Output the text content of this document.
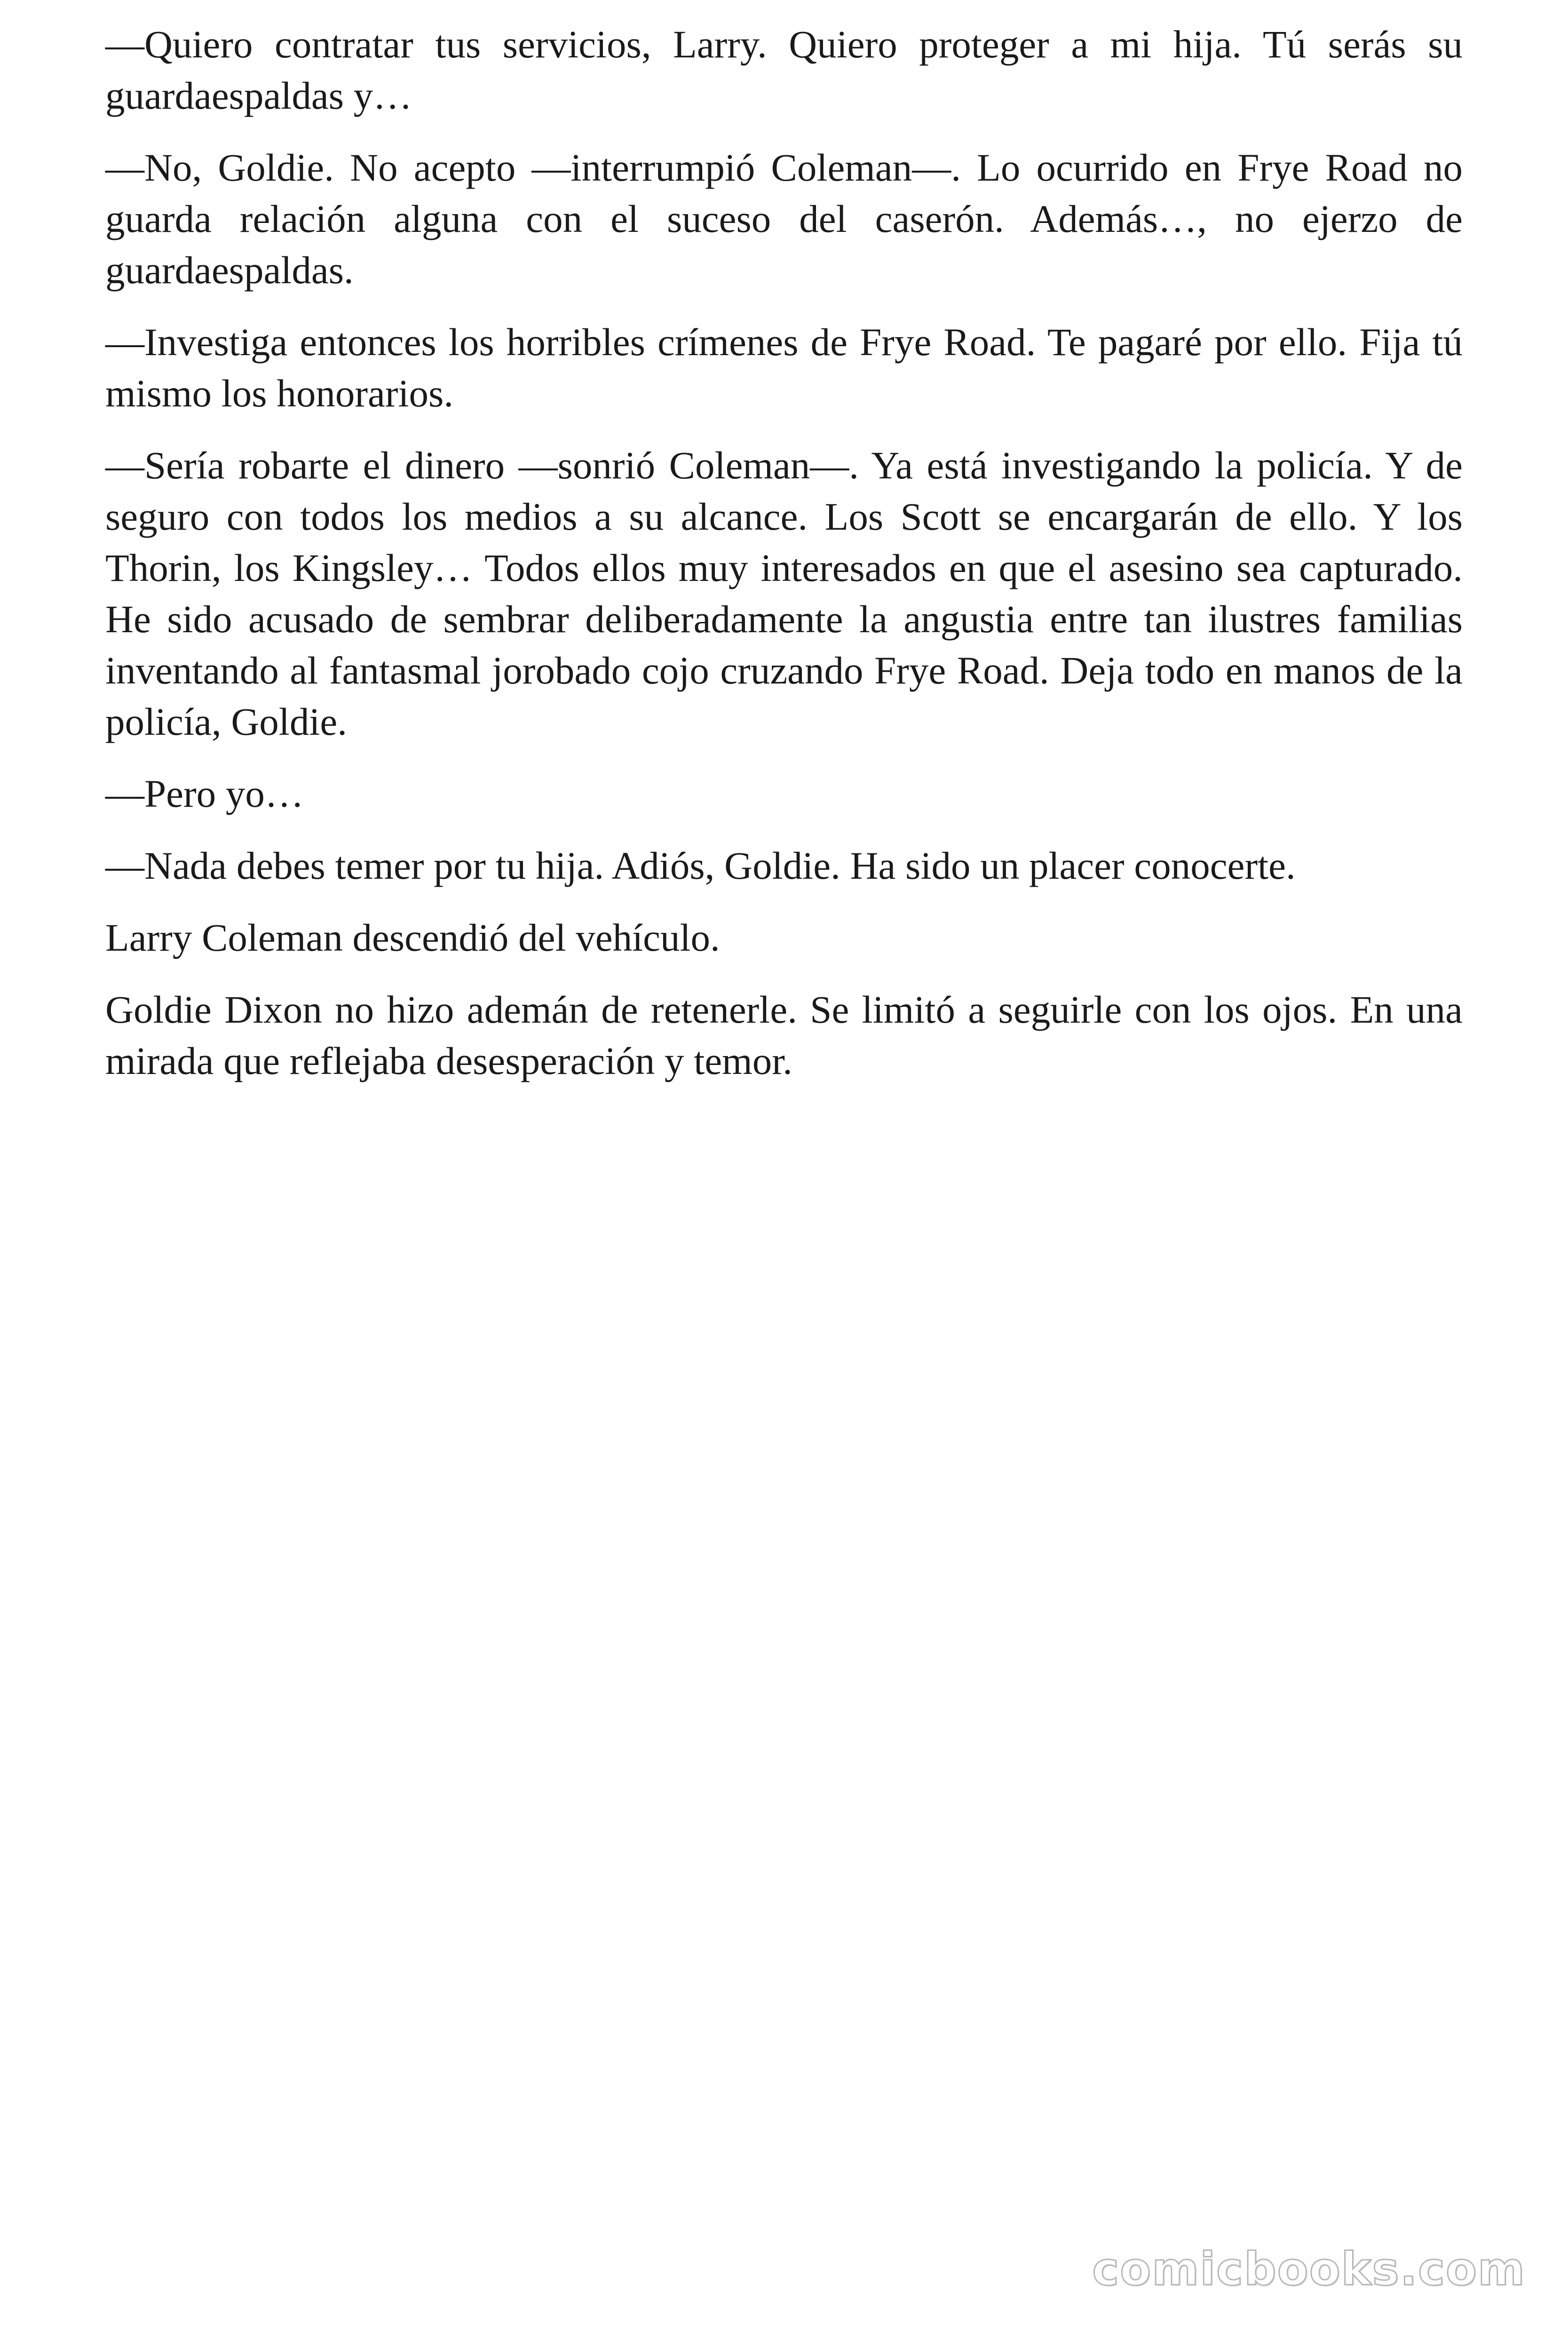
—Quiero contratar tus servicios, Larry. Quiero proteger a mi hija. Tú serás su guardaespaldas y…

—No, Goldie. No acepto —interrumpió Coleman—. Lo ocurrido en Frye Road no guarda relación alguna con el suceso del caserón. Además…, no ejerzo de guardaespaldas.

—Investiga entonces los horribles crímenes de Frye Road. Te pagaré por ello. Fija tú mismo los honorarios.

—Sería robarte el dinero —sonrió Coleman—. Ya está investigando la policía. Y de seguro con todos los medios a su alcance. Los Scott se encargarán de ello. Y los Thorin, los Kingsley… Todos ellos muy interesados en que el asesino sea capturado. He sido acusado de sembrar deliberadamente la angustia entre tan ilustres familias inventando al fantasmal jorobado cojo cruzando Frye Road. Deja todo en manos de la policía, Goldie.

—Pero yo…

—Nada debes temer por tu hija. Adiós, Goldie. Ha sido un placer conocerte.

Larry Coleman descendió del vehículo.

Goldie Dixon no hizo ademán de retenerle. Se limitó a seguirle con los ojos. En una mirada que reflejaba desesperación y temor.

comicbooks.com
